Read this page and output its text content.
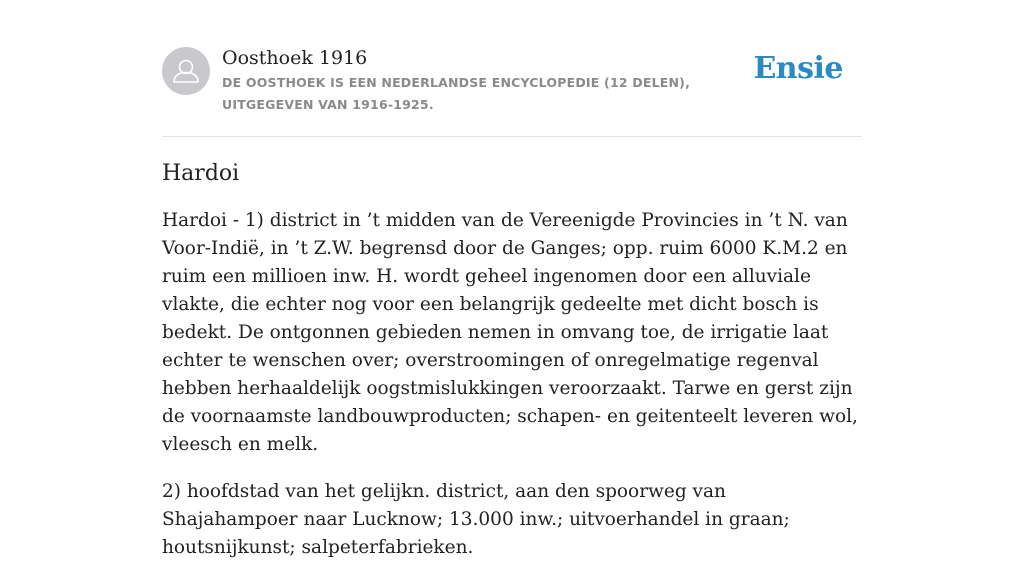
Oosthoek 1916

DE OOSTHOEK IS EEN NEDERLANDSE ENCYCLOPEDIE (12 DELEN), UITGEGEVEN VAN 1916-1925.

Ensie
Hardoi

Hardoi - 1) district in ’t midden van de Vereenigde Provincies in ’t N. van Voor-Indië, in ’t Z.W. begrensd door de Ganges; opp. ruim 6000 K.M.2 en ruim een millioen inw. H. wordt geheel ingenomen door een alluviale vlakte, die echter nog voor een belangrijk gedeelte met dicht bosch is bedekt. De ontgonnen gebieden nemen in omvang toe, de irrigatie laat echter te wenschen over; overstroomingen of onregelmatige regenval hebben herhaaldelijk oogstmislukkingen veroorzaakt. Tarwe en gerst zijn de voornaamste landbouwproducten; schapen- en geitenteelt leveren wol, vleesch en melk.

2) hoofdstad van het gelijkn. district, aan den spoorweg van Shajahampoer naar Lucknow; 13.000 inw.; uitvoerhandel in graan; houtsnijkunst; salpeterfabrieken.
